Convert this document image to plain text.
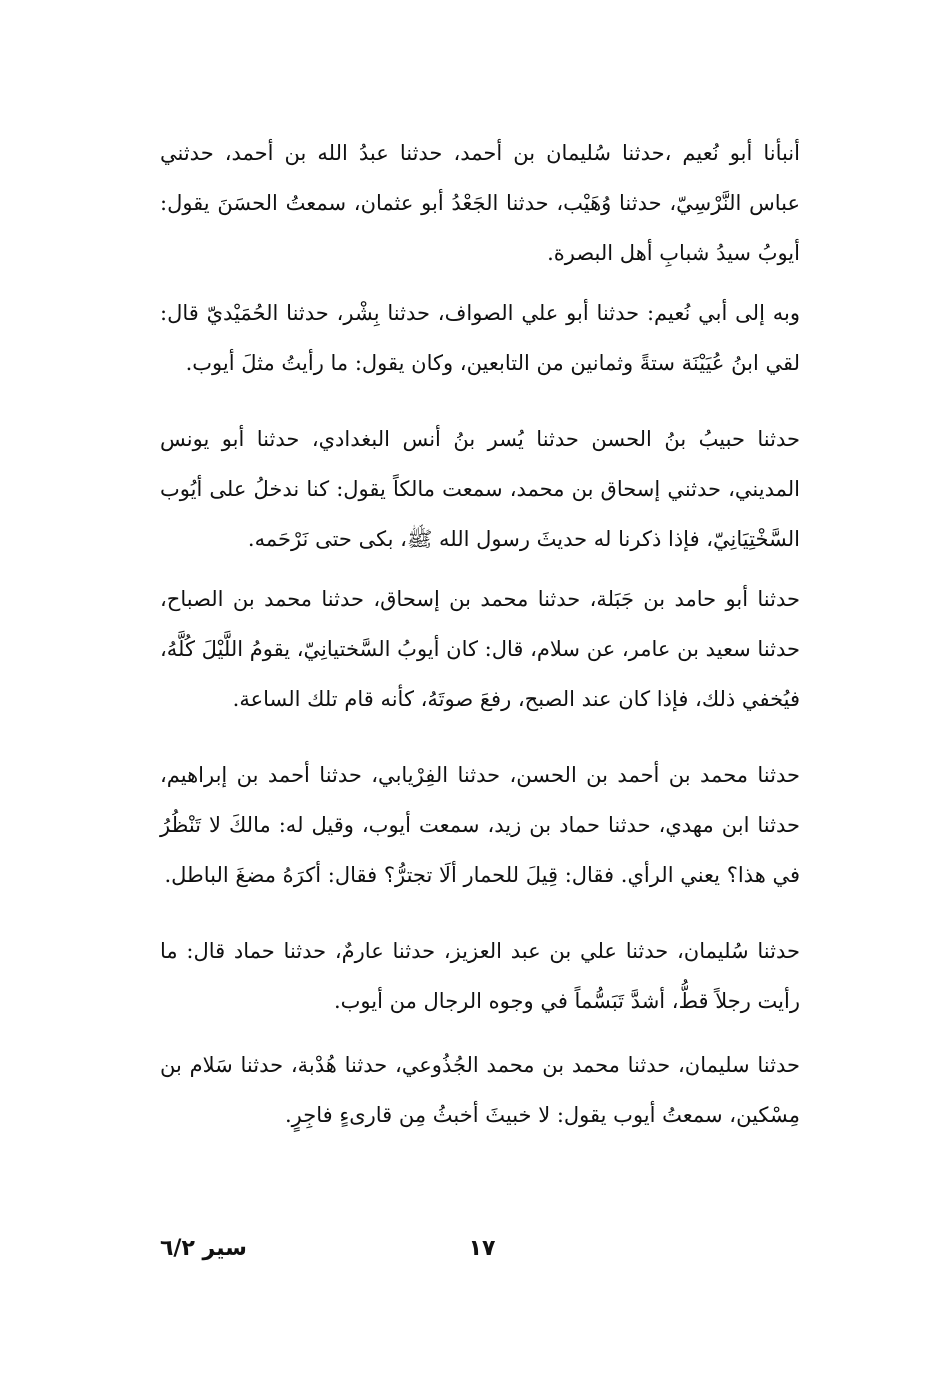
أنبأنا أبو نُعيم ،حدثنا سُليمان بن أحمد، حدثنا عبدُ الله بن أحمد، حدثني عباس النَّرْسِيّ، حدثنا وُهَيْب، حدثنا الجَعْدُ أبو عثمان، سمعتُ الحسَنَ يقول: أيوبُ سيدُ شبابِ أهل البصرة.

وبه إلى أبي نُعيم: حدثنا أبو علي الصواف، حدثنا بِشْر، حدثنا الحُمَيْديّ قال: لقي ابنُ عُيَيْنَة ستةً وثمانين من التابعين، وكان يقول: ما رأيتُ مثلَ أيوب.

حدثنا حبيبُ بنُ الحسن حدثنا يُسر بنُ أنس البغدادي، حدثنا أبو يونس المديني، حدثني إسحاق بن محمد، سمعت مالكاً يقول: كنا ندخلُ على أيُوب السَّخْتِيَانِيّ، فإذا ذكرنا له حديثَ رسول الله ﷺ، بكى حتى نَرْحَمه.

حدثنا أبو حامد بن جَبَلة، حدثنا محمد بن إسحاق، حدثنا محمد بن الصباح، حدثنا سعيد بن عامر، عن سلام، قال: كان أيوبُ السَّختيانِيّ، يقومُ اللَّيْلَ كُلَّهُ، فيُخفي ذلك، فإذا كان عند الصبح، رفعَ صوتَهُ، كأنه قام تلك الساعة.

حدثنا محمد بن أحمد بن الحسن، حدثنا الفِرْيابي، حدثنا أحمد بن إبراهيم، حدثنا ابن مهدي، حدثنا حماد بن زيد، سمعت أيوب، وقيل له: مالكَ لا تَنْظُرُ في هذا؟ يعني الرأي. فقال: قِيلَ للحمار ألَا تجترُّ؟ فقال: أكرَهُ مضغَ الباطل.

حدثنا سُليمان، حدثنا علي بن عبد العزيز، حدثنا عارمٌ، حدثنا حماد قال: ما رأيت رجلاً قطُّ، أشدَّ تَبَسُّماً في وجوه الرجال من أيوب.

حدثنا سليمان، حدثنا محمد بن محمد الجُذُوعي، حدثنا هُدْبة، حدثنا سَلام بن مِسْكين، سمعتُ أيوب يقول: لا خبيثَ أخبثُ مِن قارىءٍ فاجِرٍ.

١٧
سير ٦/٢
